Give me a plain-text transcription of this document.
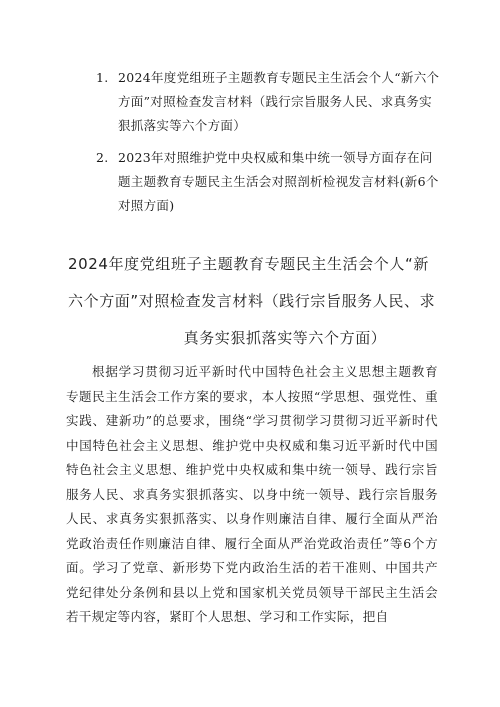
1. 2024年度党组班子主题教育专题民主生活会个人“新六个方面”对照检查发言材料（践行宗旨服务人民、求真务实狠抓落实等六个方面）
2. 2023年对照维护党中央权威和集中统一领导方面存在问题主题教育专题民主生活会对照剖析检视发言材料(新6个对照方面)
2024年度党组班子主题教育专题民主生活会个人“新
六个方面”对照检查发言材料（践行宗旨服务人民、求
真务实狠抓落实等六个方面）

根据学习贯彻习近平新时代中国特色社会主义思想主题教育专题民主生活会工作方案的要求，本人按照“学思想、强党性、重实践、建新功”的总要求，围绕“学习贯彻学习贯彻习近平新时代中国特色社会主义思想、维护党中央权威和集习近平新时代中国特色社会主义思想、维护党中央权威和集中统一领导、践行宗旨服务人民、求真务实狠抓落实、以身中统一领导、践行宗旨服务人民、求真务实狠抓落实、以身作则廉洁自律、履行全面从严治党政治责任作则廉洁自律、履行全面从严治党政治责任”等6个方面。学习了党章、新形势下党内政治生活的若干准则、中国共产党纪律处分条例和县以上党和国家机关党员领导干部民主生活会若干规定等内容，紧盯个人思想、学习和工作实际，把自
